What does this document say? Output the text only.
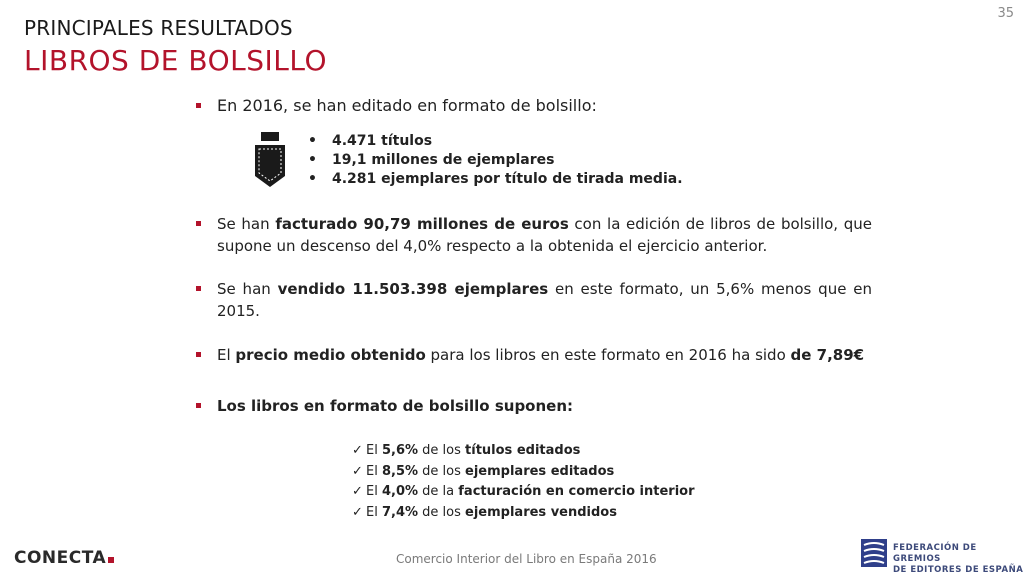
35
PRINCIPALES RESULTADOS
LIBROS DE BOLSILLO
En 2016, se han editado en formato de bolsillo:
• 4.471 títulos
• 19,1 millones de ejemplares
• 4.281 ejemplares por título de tirada media.
Se han facturado 90,79 millones de euros con la edición de libros de bolsillo, que supone un descenso del 4,0% respecto a la obtenida el ejercicio anterior.
Se han vendido 11.503.398 ejemplares en este formato, un 5,6% menos que en 2015.
El precio medio obtenido para los libros en este formato en 2016 ha sido de 7,89€
Los libros en formato de bolsillo suponen:
✓ El 5,6% de los títulos editados
✓ El 8,5% de los ejemplares editados
✓ El 4,0% de la facturación en comercio interior
✓ El 7,4% de los ejemplares vendidos
CONECTA	Comercio Interior del Libro en España 2016
FEDERACIÓN DE GREMIOS
DE EDITORES DE ESPAÑA
